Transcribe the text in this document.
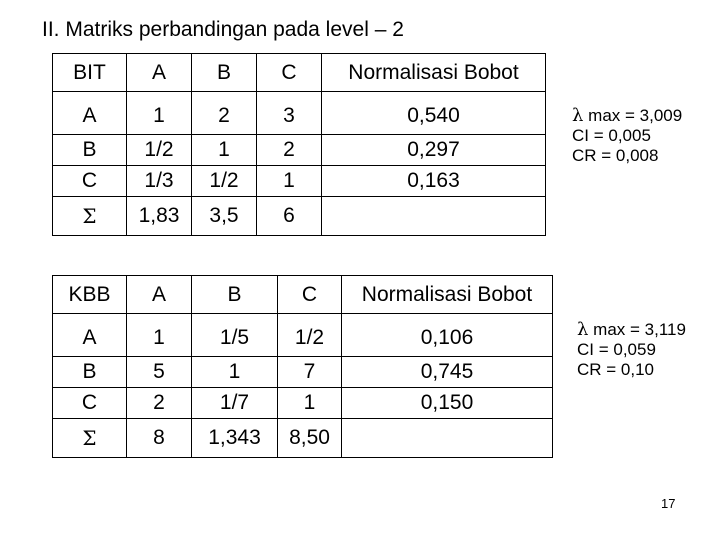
II. Matriks perbandingan pada level – 2
BIT	A	B	C	Normalisasi Bobot
A	1	2	3	0,540
B	1/2	1	2	0,297
C	1/3	1/2	1	0,163
Σ	1,83	3,5	6	
λ max = 3,009
CI = 0,005
CR = 0,008
KBB	A	B	C	Normalisasi Bobot
A	1	1/5	1/2	0,106
B	5	1	7	0,745
C	2	1/7	1	0,150
Σ	8	1,343	8,50	
λ max = 3,119
CI = 0,059
CR = 0,10
17
